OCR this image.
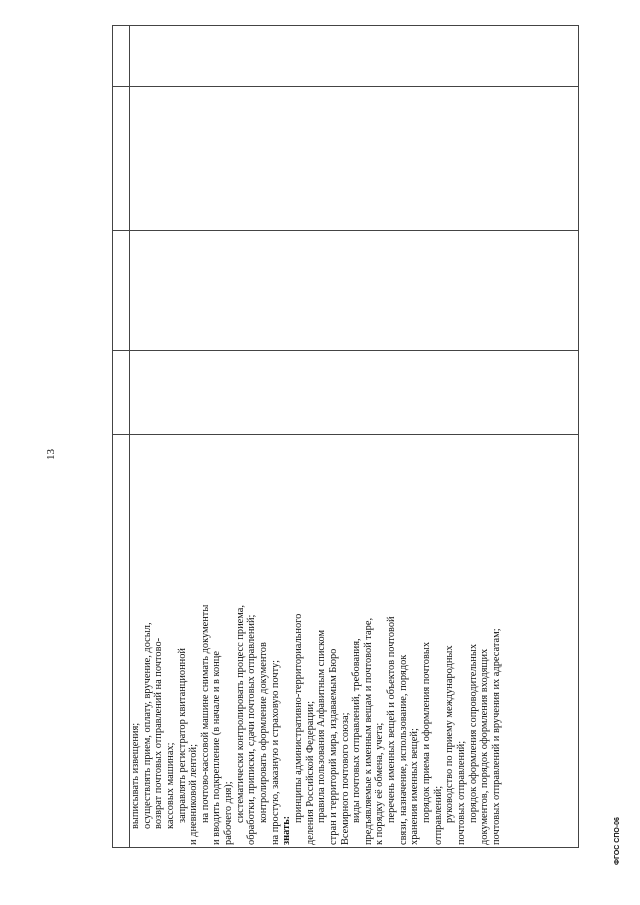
13
выписывать извещения; осуществлять прием, оплату, вручение, досыл, возврат почтовых отправлений на почтово- кассовых машинах; заправлять регистратор квитанционной и дневниковой лентой; на почтово-кассовой машине снимать документы и вводить подкрепление (в начале и в конце рабочего дня); систематически контролировать процесс приема, обработки, приписки, сдачи почтовых отправлений; контролировать оформление документов на простую, заказную и страховую почту; знать:
принципы административно-территориального деления Российской Федерации; правила пользования Алфавитным списком стран и территорий мира, издаваемым Бюро Всемирного почтового союза; виды почтовых отправлений, требования, предъявляемые к именным вещам и почтовой таре, к порядку её обмена, учета; перечень именных вещей и объектов почтовой связи, назначение, использование, порядок хранения именных вещей; порядок приема и оформления почтовых отправлений; руководство по приему международных почтовых отправлений; порядок оформления сопроводительных документов, порядок оформления входящих почтовых отправлений и вручения их адресатам;	ФГОС СПО-06
